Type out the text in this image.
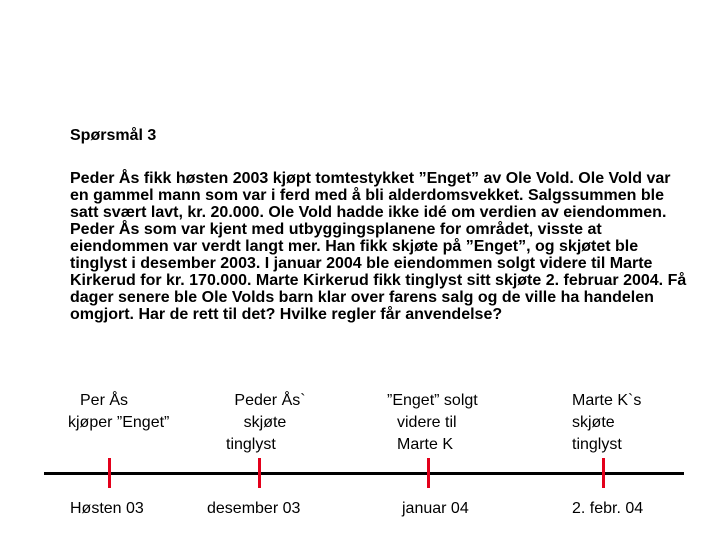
Spørsmål 3

Peder Ås fikk høsten 2003 kjøpt tomtestykket ”Enget” av Ole Vold. Ole Vold var en gammel mann som var i ferd med å bli alderdomsvekket. Salgssummen ble satt svært lavt, kr. 20.000. Ole Vold hadde ikke idé om verdien av eiendommen. Peder Ås som var kjent med utbyggingsplanene for området, visste at eiendommen var verdt langt mer. Han fikk skjøte på ”Enget”, og skjøtet ble tinglyst i desember 2003. I januar 2004 ble eiendommen solgt videre til Marte Kirkerud for kr. 170.000. Marte Kirkerud fikk tinglyst sitt skjøte 2. februar 2004. Få dager senere ble Ole Volds barn klar over farens salg og de ville ha handelen omgjort. Har de rett til det? Hvilke regler får anvendelse?

Per Ås
kjøper ”Enget”
Peder Ås`
skjøte
tinglyst
”Enget” solgt
videre til
Marte K
Marte K`s
skjøte
tinglyst
Høsten 03	desember 03	januar 04	2. febr. 04
